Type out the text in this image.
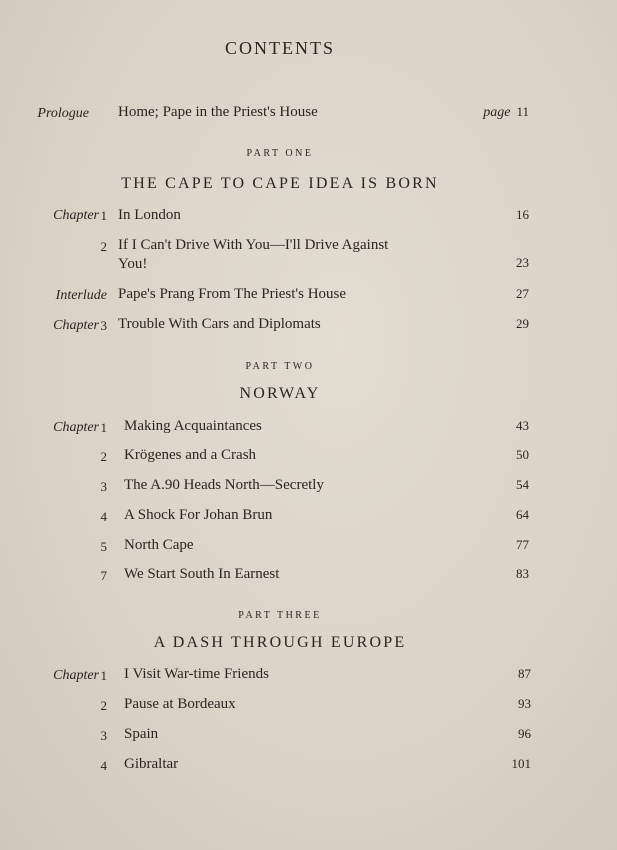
CONTENTS
Prologue Home; Pape in the Priest's House	page 11
PART ONE
THE CAPE TO CAPE IDEA IS BORN
Chapter 1 In London	16
2 If I Can't Drive With You—I'll Drive Against
You!	23
Interlude Pape's Prang From The Priest's House	27
Chapter 3 Trouble With Cars and Diplomats	29
PART TWO
NORWAY
Chapter 1 Making Acquaintances	43
2 Krögenes and a Crash	50
3 The A.90 Heads North—Secretly	54
4 A Shock For Johan Brun	64
5 North Cape	77
7 We Start South In Earnest	83
PART THREE
A DASH THROUGH EUROPE
Chapter 1 I Visit War-time Friends	87
2 Pause at Bordeaux	93
3 Spain	96
4 Gibraltar	101
